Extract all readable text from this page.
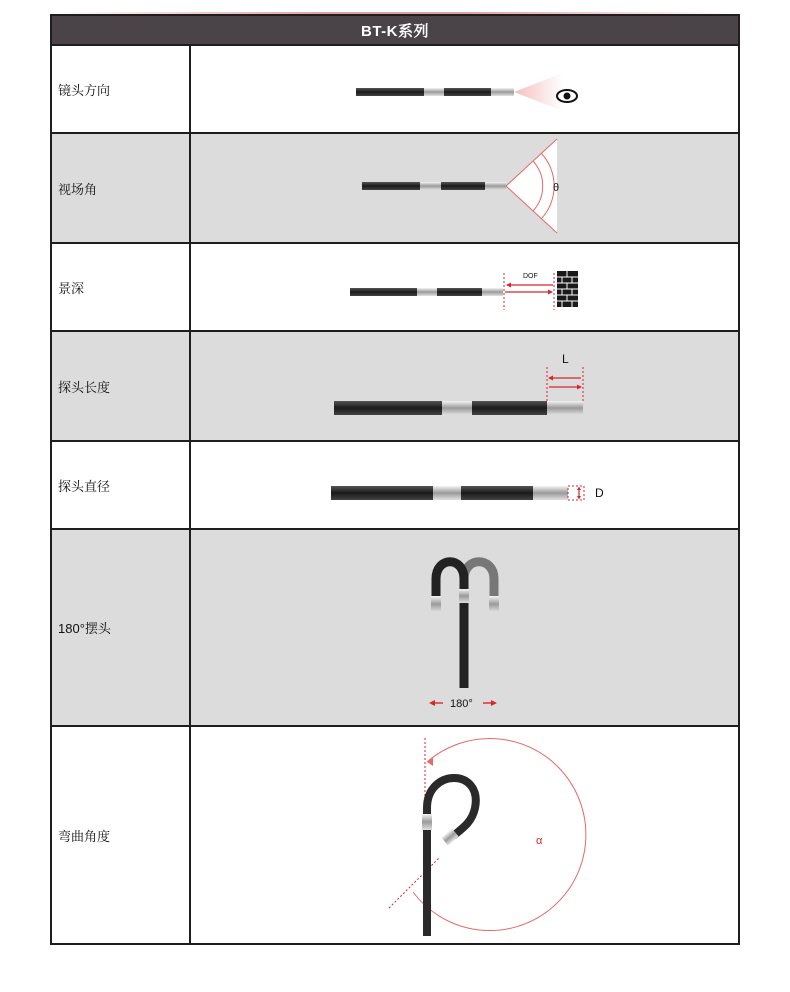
BT-K系列	
镜头方向	

视场角	θ

景深	DOF

探头长度	L

探头直径	D

180°摆头	180°

弯曲角度	α
